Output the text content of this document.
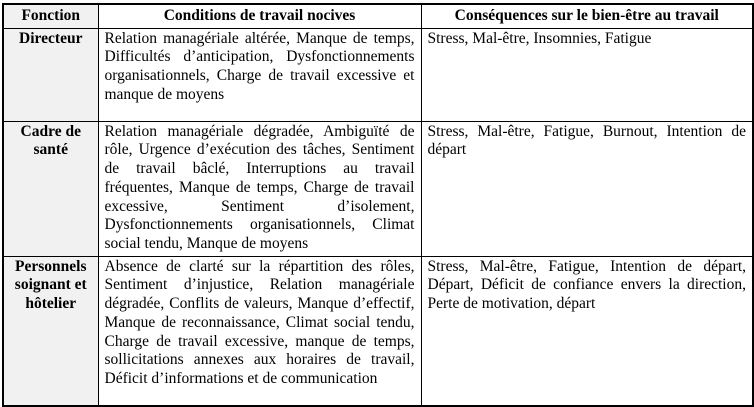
Fonction	Conditions de travail nocives	Conséquences sur le bien-être au travail
Directeur	Relation managériale altérée, Manque de temps, Difficultés d’anticipation, Dysfonctionnements organisationnels, Charge de travail excessive et manque de moyens	Stress, Mal-être, Insomnies, Fatigue
Cadre de santé	Relation managériale dégradée, Ambiguïté de rôle, Urgence d’exécution des tâches, Sentiment de travail bâclé, Interruptions au travail fréquentes, Manque de temps, Charge de travail excessive, Sentiment d’isolement, Dysfonctionnements organisationnels, Climat social tendu, Manque de moyens	Stress, Mal-être, Fatigue, Burnout, Intention de départ
Personnels soignant et hôtelier	Absence de clarté sur la répartition des rôles, Sentiment d’injustice, Relation managériale dégradée, Conflits de valeurs, Manque d’effectif, Manque de reconnaissance, Climat social tendu, Charge de travail excessive, manque de temps, sollicitations annexes aux horaires de travail, Déficit d’informations et de communication	Stress, Mal-être, Fatigue, Intention de départ, Départ, Déficit de confiance envers la direction, Perte de motivation, départ
